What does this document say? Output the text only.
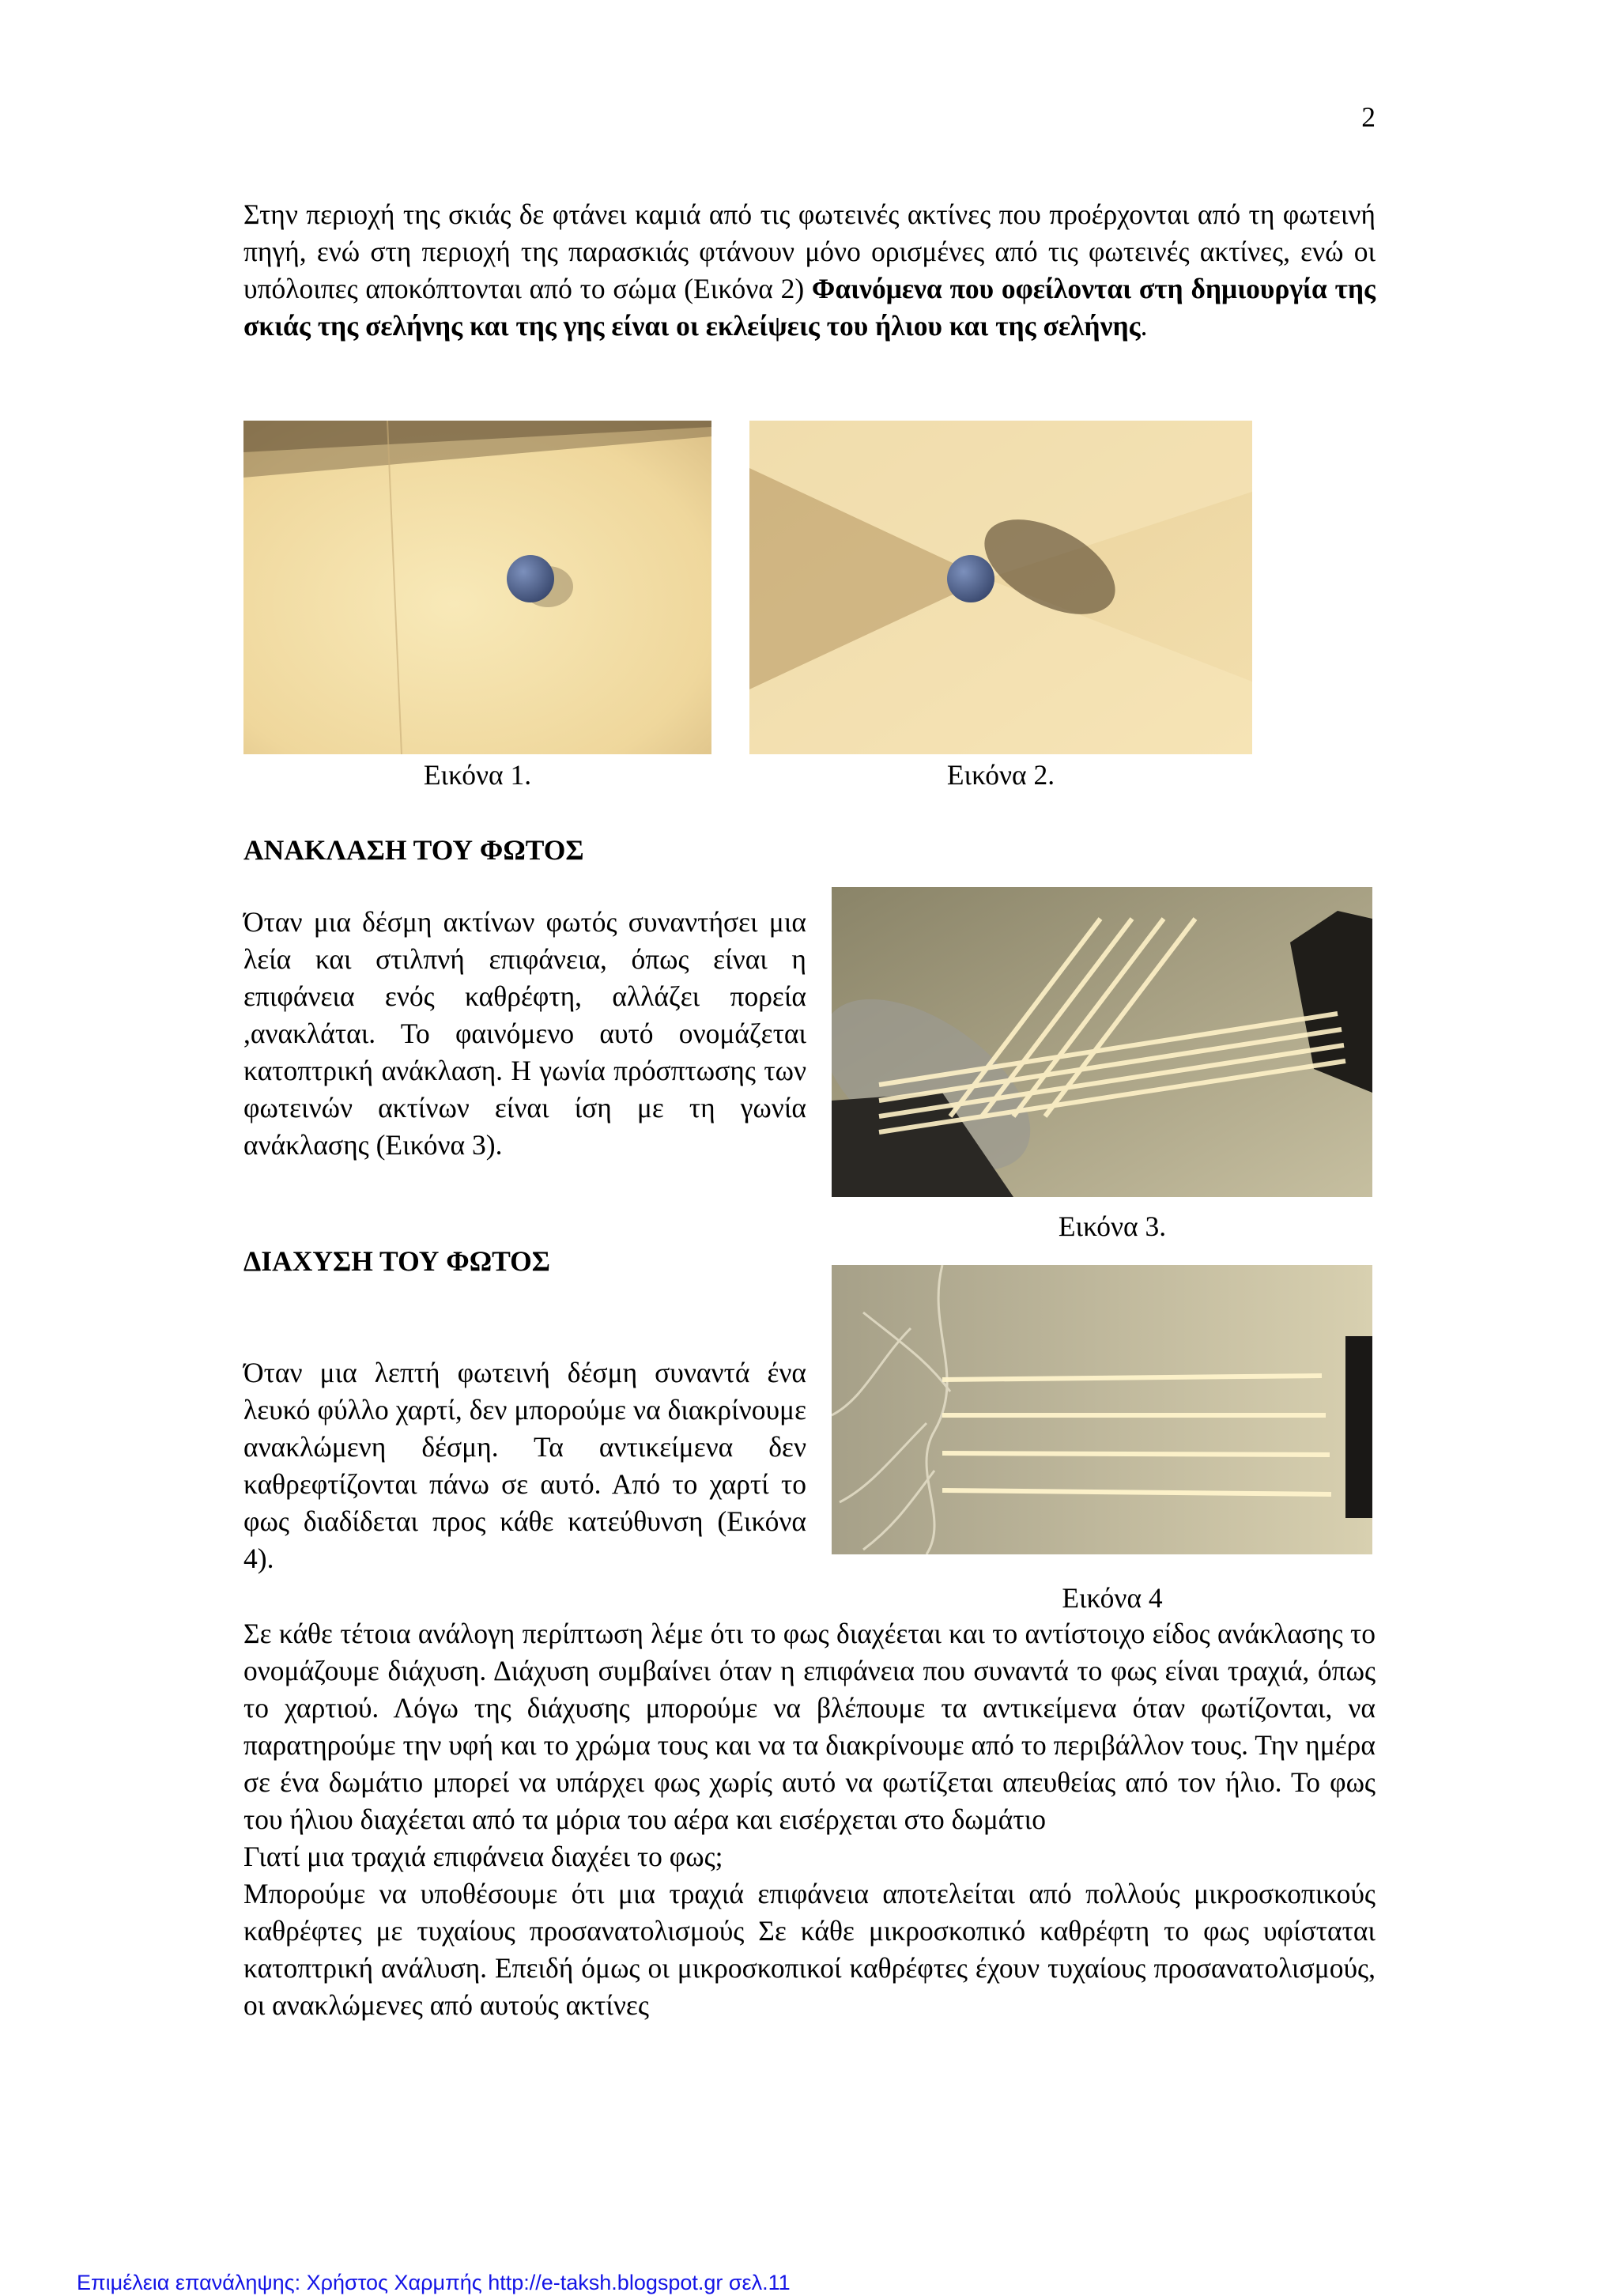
2
Στην περιοχή της σκιάς δε φτάνει καμιά από τις φωτεινές ακτίνες που προέρχονται από τη φωτεινή πηγή, ενώ στη περιοχή της παρασκιάς φτάνουν μόνο ορισμένες από τις φωτεινές ακτίνες, ενώ οι υπόλοιπες αποκόπτονται από το σώμα (Εικόνα 2) Φαινόμενα που οφείλονται στη δημιουργία της σκιάς της σελήνης και της γης είναι οι εκλείψεις του ήλιου και της σελήνης.
Εικόνα 1.	Εικόνα 2.
ΑΝΑΚΛΑΣΗ ΤΟΥ ΦΩΤΟΣ
Όταν μια δέσμη ακτίνων φωτός συναντήσει μια λεία και στιλπνή επιφάνεια, όπως είναι η επιφάνεια ενός καθρέφτη, αλλάζει πορεία ,ανακλάται. Το φαινόμενο αυτό ονομάζεται κατοπτρική ανάκλαση. Η γωνία πρόσπτωσης των φωτεινών ακτίνων είναι ίση με τη γωνία ανάκλασης (Εικόνα 3).
Εικόνα 3.
ΔΙΑΧΥΣΗ ΤΟΥ ΦΩΤΟΣ
Όταν μια λεπτή φωτεινή δέσμη συναντά ένα λευκό φύλλο χαρτί, δεν μπορούμε να διακρίνουμε ανακλώμενη δέσμη. Τα αντικείμενα δεν καθρεφτίζονται πάνω σε αυτό. Από το χαρτί το φως διαδίδεται προς κάθε κατεύθυνση (Εικόνα 4).
Εικόνα 4
Σε κάθε τέτοια ανάλογη περίπτωση λέμε ότι το φως διαχέεται και το αντίστοιχο είδος ανάκλασης το ονομάζουμε διάχυση. Διάχυση συμβαίνει όταν η επιφάνεια που συναντά το φως είναι τραχιά, όπως το χαρτιού. Λόγω της διάχυσης μπορούμε να βλέπουμε τα αντικείμενα όταν φωτίζονται, να παρατηρούμε την υφή και το χρώμα τους και να τα διακρίνουμε από το περιβάλλον τους. Την ημέρα σε ένα δωμάτιο μπορεί να υπάρχει φως χωρίς αυτό να φωτίζεται απευθείας από τον ήλιο. Το φως του ήλιου διαχέεται από τα μόρια του αέρα και εισέρχεται στο δωμάτιο
Γιατί μια τραχιά επιφάνεια διαχέει το φως;
Μπορούμε να υποθέσουμε ότι μια τραχιά επιφάνεια αποτελείται από πολλούς μικροσκοπικούς καθρέφτες με τυχαίους προσανατολισμούς Σε κάθε μικροσκοπικό καθρέφτη το φως υφίσταται κατοπτρική ανάλυση. Επειδή όμως οι μικροσκοπικοί καθρέφτες έχουν τυχαίους προσανατολισμούς, οι ανακλώμενες από αυτούς ακτίνες
Επιμέλεια επανάληψης: Χρήστος Χαρμπής http://e-taksh.blogspot.gr σελ.11
